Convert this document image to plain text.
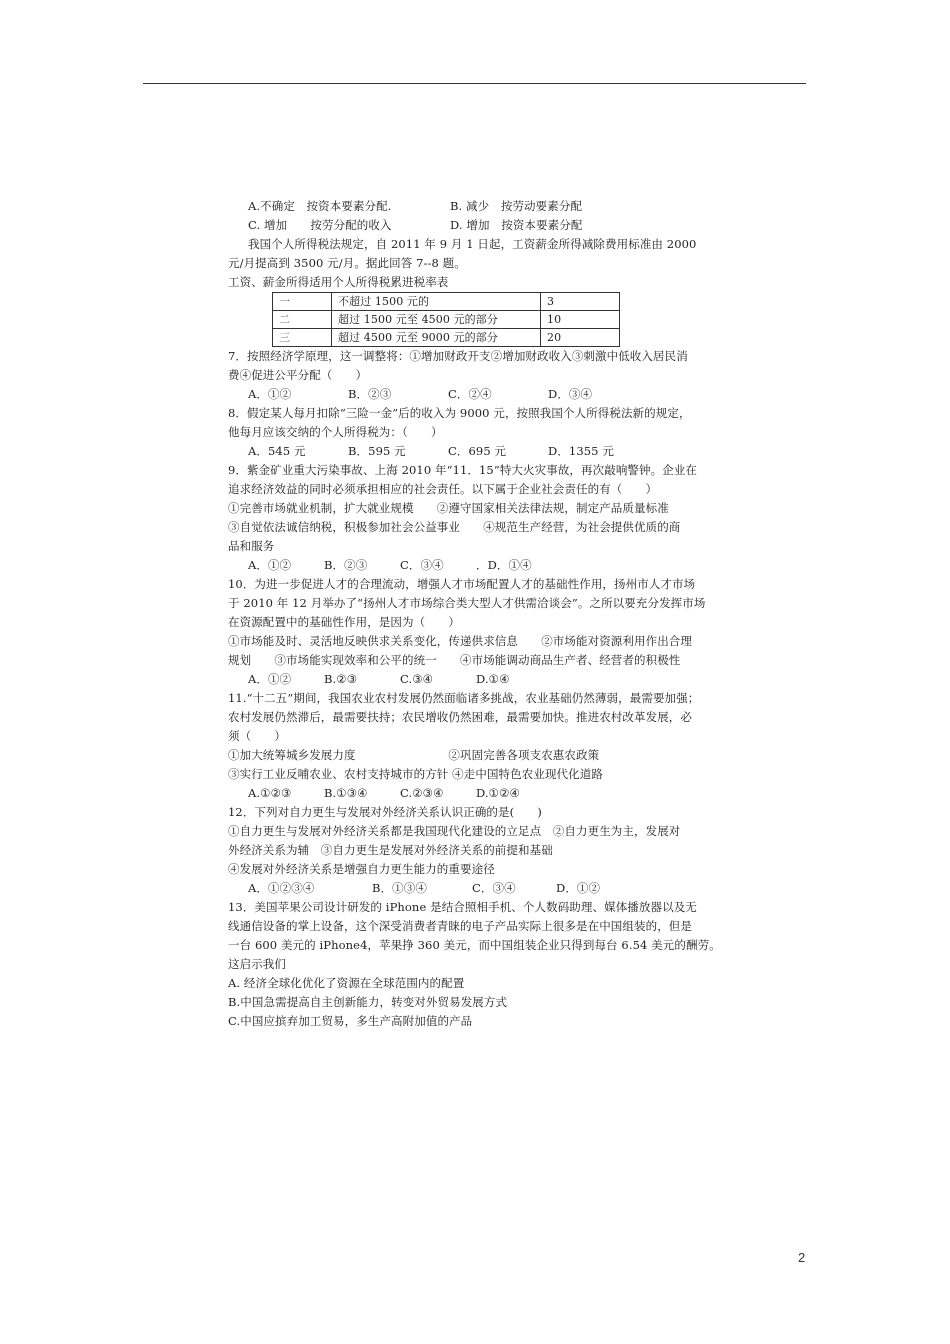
A.不确定　按资本要素分配.	B. 减少　按劳动要素分配
C. 增加　　按劳分配的收入	D. 增加　按资本要素分配
我国个人所得税法规定，自 2011 年 9 月 1 日起，工资薪金所得减除费用标准由 2000
元/月提高到 3500 元/月。据此回答 7--8 题。
工资、薪金所得适用个人所得税累进税率表
一	不超过 1500 元的	3
二	超过 1500 元至 4500 元的部分	10
三	超过 4500 元至 9000 元的部分	20
7．按照经济学原理，这一调整将：①增加财政开支②增加财政收入③刺激中低收入居民消
费④促进公平分配（　　）
A．①②	B．②③	C．②④	D．③④
8．假定某人每月扣除“三险一金”后的收入为 9000 元，按照我国个人所得税法新的规定，
他每月应该交纳的个人所得税为：（　　）
A．545 元	B．595 元	C．695 元	D．1355 元
9．紫金矿业重大污染事故、上海 2010 年“11．15”特大火灾事故，再次敲响警钟。企业在
追求经济效益的同时必须承担相应的社会责任。以下属于企业社会责任的有（　　）
①完善市场就业机制，扩大就业规模　　②遵守国家相关法律法规，制定产品质量标准
③自觉依法诚信纳税，积极参加社会公益事业　　④规范生产经营，为社会提供优质的商
品和服务
A．①②	B．②③	C．③④	．D．①④
10．为进一步促进人才的合理流动，增强人才市场配置人才的基础性作用，扬州市人才市场
于 2010 年 12 月举办了“扬州人才市场综合类大型人才供需洽谈会”。之所以要充分发挥市场
在资源配置中的基础性作用，是因为（　　）
①市场能及时、灵活地反映供求关系变化，传递供求信息　　②市场能对资源利用作出合理
规划　　③市场能实现效率和公平的统一　　④市场能调动商品生产者、经营者的积极性
A．①②	B.②③	C.③④	D.①④
11.“十二五”期间，我国农业农村发展仍然面临诸多挑战，农业基础仍然薄弱，最需要加强；
农村发展仍然滞后，最需要扶持；农民增收仍然困难，最需要加快。推进农村改革发展，必
须（　　）
①加大统筹城乡发展力度　　　　　　　　②巩固完善各项支农惠农政策
③实行工业反哺农业、农村支持城市的方针 ④走中国特色农业现代化道路
A.①②③	B.①③④	C.②③④	D.①②④
12．下列对自力更生与发展对外经济关系认识正确的是(　　)
①自力更生与发展对外经济关系都是我国现代化建设的立足点　②自力更生为主，发展对
外经济关系为辅　③自力更生是发展对外经济关系的前提和基础
④发展对外经济关系是增强自力更生能力的重要途径
A．①②③④	B．①③④	C．③④	D．①②
13．美国苹果公司设计研发的 iPhone 是结合照相手机、个人数码助理、媒体播放器以及无
线通信设备的掌上设备，这个深受消费者青睐的电子产品实际上很多是在中国组装的，但是
一台 600 美元的 iPhone4，苹果挣 360 美元，而中国组装企业只得到每台 6.54 美元的酬劳。
这启示我们
A. 经济全球化优化了资源在全球范围内的配置
B.中国急需提高自主创新能力，转变对外贸易发展方式
C.中国应摈弃加工贸易，多生产高附加值的产品
2
